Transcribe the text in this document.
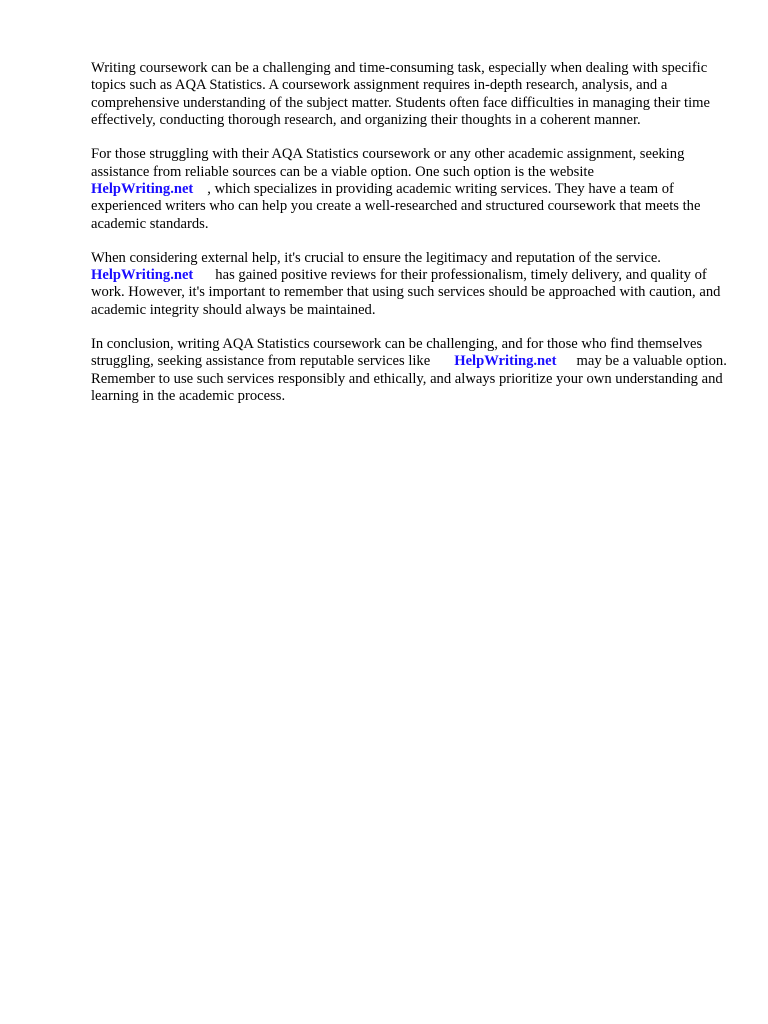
Writing coursework can be a challenging and time-consuming task, especially when dealing with specific topics such as AQA Statistics. A coursework assignment requires in-depth research, analysis, and a comprehensive understanding of the subject matter. Students often face difficulties in managing their time effectively, conducting thorough research, and organizing their thoughts in a coherent manner.

For those struggling with their AQA Statistics coursework or any other academic assignment, seeking assistance from reliable sources can be a viable option. One such option is the website
HelpWriting.net , which specializes in providing academic writing services. They have a team of experienced writers who can help you create a well-researched and structured coursework that meets the academic standards.

When considering external help, it's crucial to ensure the legitimacy and reputation of the service.
HelpWriting.net has gained positive reviews for their professionalism, timely delivery, and quality of work. However, it's important to remember that using such services should be approached with caution, and academic integrity should always be maintained.

In conclusion, writing AQA Statistics coursework can be challenging, and for those who find themselves struggling, seeking assistance from reputable services like HelpWriting.net may be a valuable option. Remember to use such services responsibly and ethically, and always prioritize your own understanding and learning in the academic process.
